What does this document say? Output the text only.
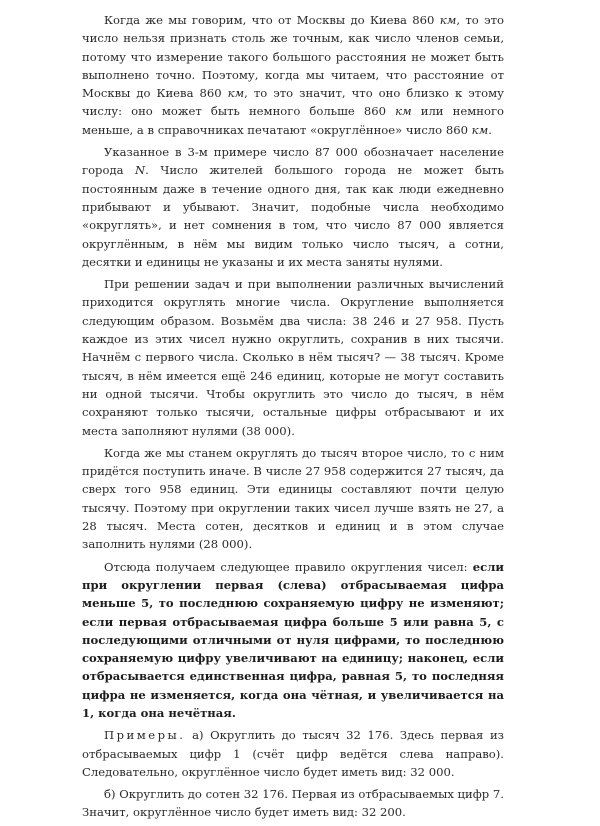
Когда же мы говорим, что от Москвы до Киева 860 км, то это число нельзя признать столь же точным, как число членов семьи, потому что измерение такого большого расстояния не может быть выполнено точно. Поэтому, когда мы читаем, что расстояние от Москвы до Киева 860 км, то это значит, что оно близко к этому числу: оно может быть немного больше 860 км или немного меньше, а в справочниках печатают «округлённое» число 860 км.

Указанное в 3-м примере число 87 000 обозначает население города N. Число жителей большого города не может быть постоянным даже в течение одного дня, так как люди ежедневно прибывают и убывают. Значит, подобные числа необходимо «округлять», и нет сомнения в том, что число 87 000 является округлённым, в нём мы видим только число тысяч, а сотни, десятки и единицы не указаны и их места заняты нулями.

При решении задач и при выполнении различных вычислений приходится округлять многие числа. Округление выполняется следующим образом. Возьмём два числа: 38 246 и 27 958. Пусть каждое из этих чисел нужно округлить, сохранив в них тысячи. Начнём с первого числа. Сколько в нём тысяч? — 38 тысяч. Кроме тысяч, в нём имеется ещё 246 единиц, которые не могут составить ни одной тысячи. Чтобы округлить это число до тысяч, в нём сохраняют только тысячи, остальные цифры отбрасывают и их места заполняют нулями (38 000).

Когда же мы станем округлять до тысяч второе число, то с ним придётся поступить иначе. В числе 27 958 содержится 27 тысяч, да сверх того 958 единиц. Эти единицы составляют почти целую тысячу. Поэтому при округлении таких чисел лучше взять не 27, а 28 тысяч. Места сотен, десятков и единиц и в этом случае заполнить нулями (28 000).

Отсюда получаем следующее правило округления чисел: если при округлении первая (слева) отбрасываемая цифра меньше 5, то последнюю сохраняемую цифру не изменяют; если первая отбрасываемая цифра больше 5 или равна 5, с последующими отличными от нуля цифрами, то последнюю сохраняемую цифру увеличивают на единицу; наконец, если отбрасывается единственная цифра, равная 5, то последняя цифра не изменяется, когда она чётная, и увеличивается на 1, когда она нечётная.

Примеры. а) Округлить до тысяч 32 176. Здесь первая из отбрасываемых цифр 1 (счёт цифр ведётся слева направо). Следовательно, округлённое число будет иметь вид: 32 000.

б) Округлить до сотен 32 176. Первая из отбрасываемых цифр 7. Значит, округлённое число будет иметь вид: 32 200.
